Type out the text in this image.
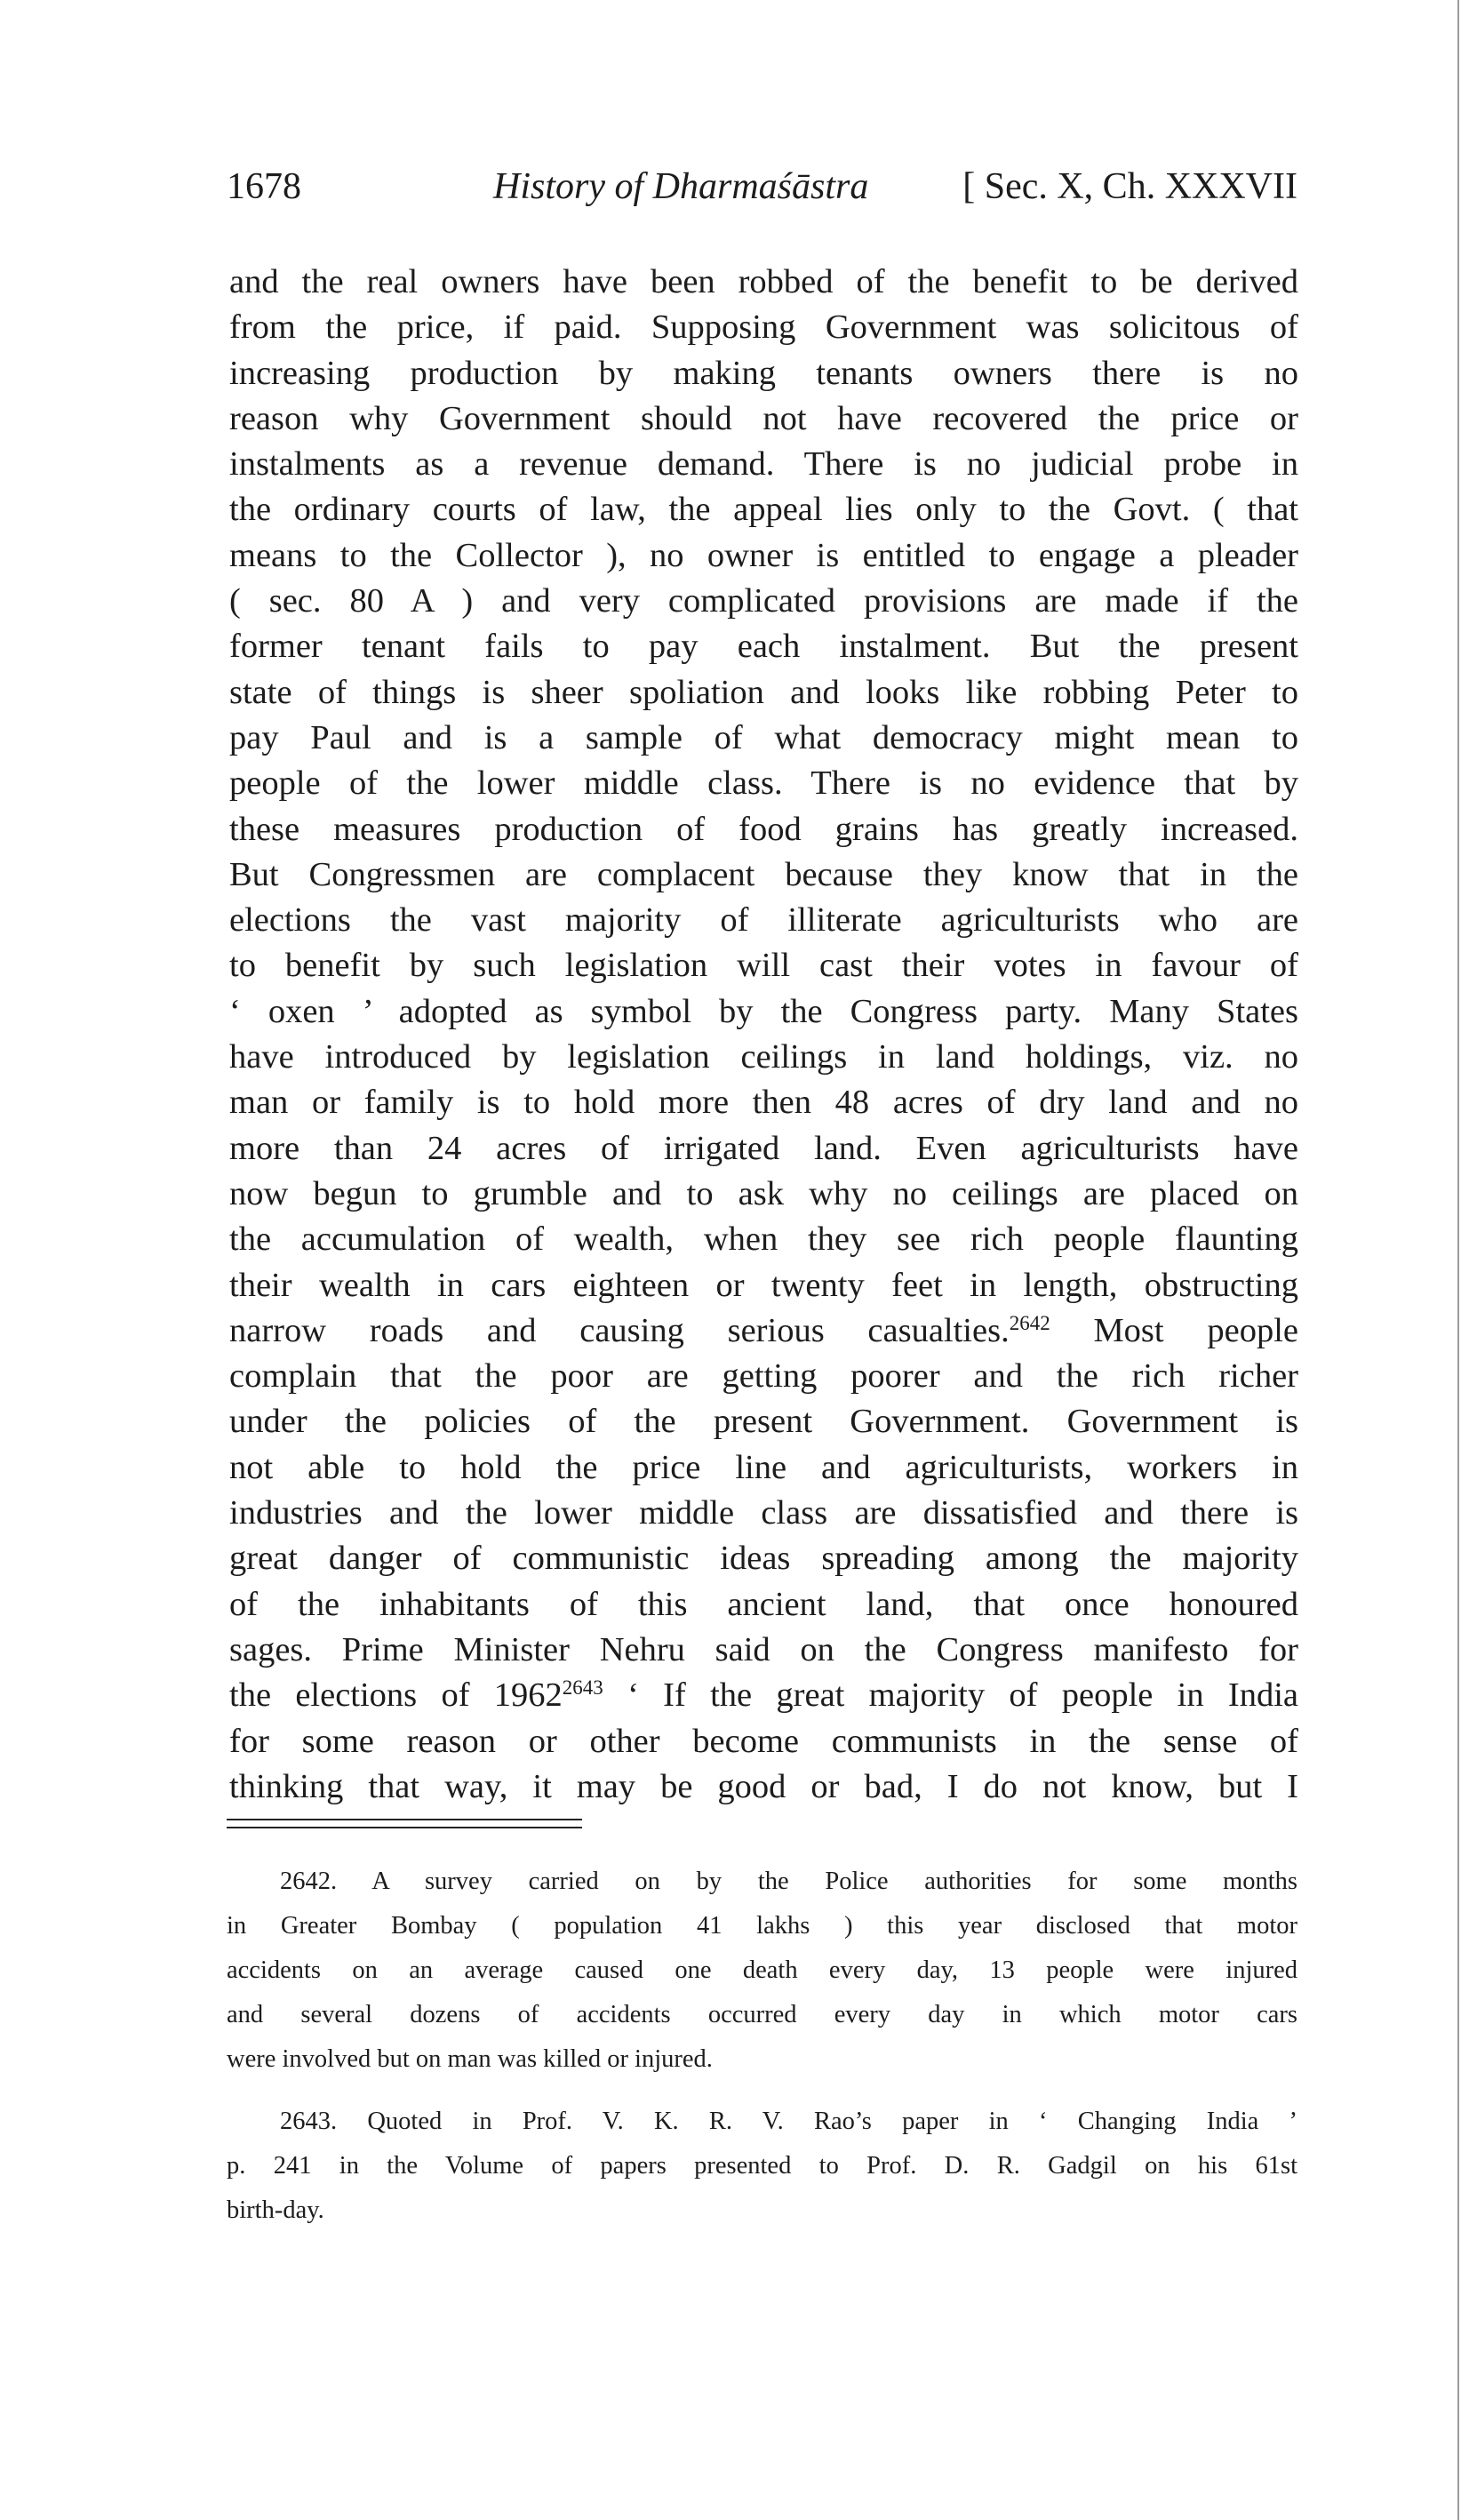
1678	History of Dharmaśāstra	[ Sec. X, Ch. XXXVII
and the real owners have been robbed of the benefit to be derived
from the price, if paid. Supposing Government was solicitous of
increasing production by making tenants owners there is no
reason why Government should not have recovered the price or
instalments as a revenue demand. There is no judicial probe in
the ordinary courts of law, the appeal lies only to the Govt. ( that
means to the Collector ), no owner is entitled to engage a pleader
( sec. 80 A ) and very complicated provisions are made if the
former tenant fails to pay each instalment. But the present
state of things is sheer spoliation and looks like robbing Peter to
pay Paul and is a sample of what democracy might mean to
people of the lower middle class. There is no evidence that by
these measures production of food grains has greatly increased.
But Congressmen are complacent because they know that in the
elections the vast majority of illiterate agriculturists who are
to benefit by such legislation will cast their votes in favour of
‘ oxen ’ adopted as symbol by the Congress party. Many States
have introduced by legislation ceilings in land holdings, viz. no
man or family is to hold more then 48 acres of dry land and no
more than 24 acres of irrigated land. Even agriculturists have
now begun to grumble and to ask why no ceilings are placed on
the accumulation of wealth, when they see rich people flaunting
their wealth in cars eighteen or twenty feet in length, obstructing
narrow roads and causing serious casualties.$^{2642}$ Most people
complain that the poor are getting poorer and the rich richer
under the policies of the present Government. Government is
not able to hold the price line and agriculturists, workers in
industries and the lower middle class are dissatisfied and there is
great danger of communistic ideas spreading among the majority
of the inhabitants of this ancient land, that once honoured
sages. Prime Minister Nehru said on the Congress manifesto for
the elections of $1962^{2643}$ ‘ If the great majority of people in India
for some reason or other become communists in the sense of
thinking that way, it may be good or bad, I do not know, but I
2642. A survey carried on by the Police authorities for some months
in Greater Bombay ( population 41 lakhs ) this year disclosed that motor
accidents on an average caused one death every day, 13 people were injured
and several dozens of accidents occurred every day in which motor cars
were involved but on man was killed or injured.
2643. Quoted in Prof. V. K. R. V. Rao’s paper in ‘ Changing India ’
p. 241 in the Volume of papers presented to Prof. D. R. Gadgil on his 61st
birth-day.
